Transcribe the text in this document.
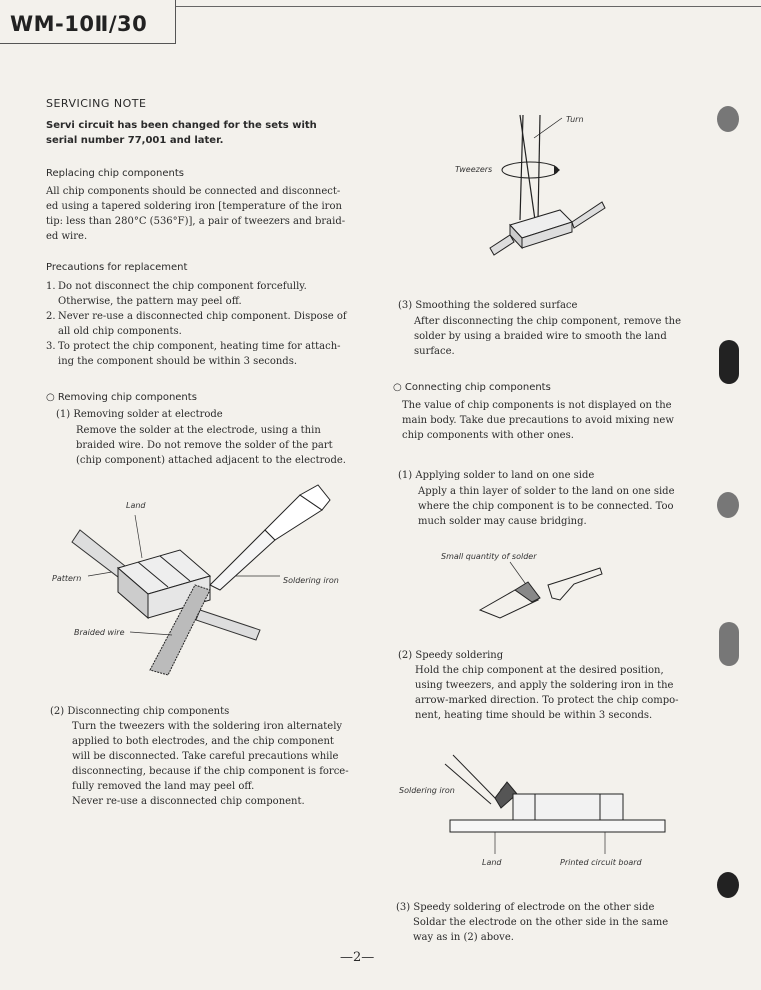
WM-10Ⅱ/30
SERVICING NOTE
Servi circuit has been changed for the sets with
serial number 77,001 and later.
Replacing chip components
All chip components should be connected and disconnect-
ed using a tapered soldering iron [temperature of the iron
tip: less than 280°C (536°F)], a pair of tweezers and braid-
ed wire.
Precautions for replacement
1. Do not disconnect the chip component forcefully.
Otherwise, the pattern may peel off.
2. Never re-use a disconnected chip component. Dispose of
all old chip components.
3. To protect the chip component, heating time for attach-
ing the component should be within 3 seconds.
○ Removing chip components
(1) Removing solder at electrode
Remove the solder at the electrode, using a thin
braided wire. Do not remove the solder of the part
(chip component) attached adjacent to the electrode.
Land
Pattern	Soldering iron
Braided wire
(2) Disconnecting chip components
Turn the tweezers with the soldering iron alternately
applied to both electrodes, and the chip component
will be disconnected. Take careful precautions while
disconnecting, because if the chip component is force-
fully removed the land may peel off.
Never re-use a disconnected chip component.
Turn
Tweezers
(3) Smoothing the soldered surface
After disconnecting the chip component, remove the
solder by using a braided wire to smooth the land
surface.
○ Connecting chip components
The value of chip components is not displayed on the
main body. Take due precautions to avoid mixing new
chip components with other ones.
(1) Applying solder to land on one side
Apply a thin layer of solder to the land on one side
where the chip component is to be connected. Too
much solder may cause bridging.
Small quantity of solder
(2) Speedy soldering
Hold the chip component at the desired position,
using tweezers, and apply the soldering iron in the
arrow-marked direction. To protect the chip compo-
nent, heating time should be within 3 seconds.
Soldering iron
Land	Printed circuit board
(3) Speedy soldering of electrode on the other side
Soldar the electrode on the other side in the same
way as in (2) above.
—2—
